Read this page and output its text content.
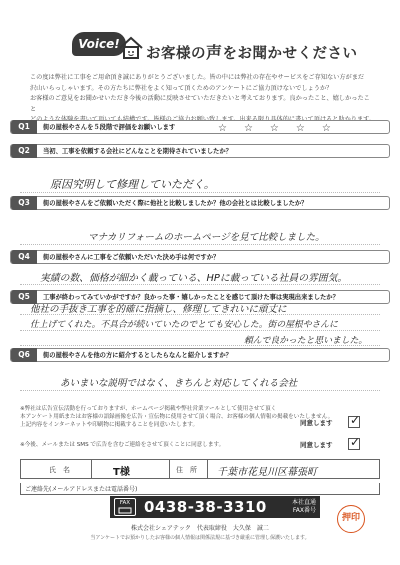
Voice!
お客様の声をお聞かせください
この度は弊社に工事をご用命頂き誠にありがとうございました。皆の中には弊社の存在やサービスをご存知ない方がまだ
沢山いらっしゃいます。その方たちに弊社をよく知って頂くためのアンケートにご協力頂けないでしょうか？
お客様のご意見をお聞かせいただき今後の活動に反映させていただきたいと考えております。良かったこと、嬉しかったこと
Q1	街の屋根やさんを５段階で評価をお願いします	☆☆☆☆☆
Q2	当初、工事を依頼する会社にどんなことを期待されていましたか？
原因究明して修理していただく。
Q3	街の屋根やさんをご依頼いただく際に他社と比較しましたか？他の会社とは比較しましたか？
マナカリフォームのホームページを見て比較しました。
Q4	街の屋根やさんに工事をご依頼いただいた決め手は何ですか？
実績の数、価格が細かく載っている、HPに載っている社員の雰囲気。
Q5	工事が終わってみていかがですか？良かった事・嬉しかったことを感じて頂けた事は実現出来ましたか？
他社の手抜き工事を的確に指摘し、修理してきれいに頑丈に
仕上げてくれた。不具合が続いていたのでとても安心した。街の屋根やさんに
頼んで良かったと思いました。
Q6	街の屋根やさんを他の方に紹介するとしたらなんと紹介しますか？
あいまいな説明ではなく、きちんと対応してくれる会社
※弊社は広告宣伝活動を行っておりますが、ホームページ掲載や弊社営業ツールとして使用させて頂く
本アンケート用紙またはお客様の語録画像を広告・宣伝物に使用させて頂く場合、お客様の個人情報の掲載をいたしません。
上記内容をインターネットや印刷物に掲載することを同意いたします。	同意します ✓
※今後、メールまたは SMS で広告を含むご連絡をさせて頂くことに同意します。	同意します ✓
氏　名	T様	住　所 千葉市花見川区幕張町
ご連絡先(メールアドレスまたは電話番号)
FAX 0438-38-3310	本社直通
FAX番号
押印
株式会社シェアテック　代表取締役　大久保　誠二
当アンケートでお預かりしたお客様の個人情報は関係法規に基づき厳重に管理し保護いたします。
